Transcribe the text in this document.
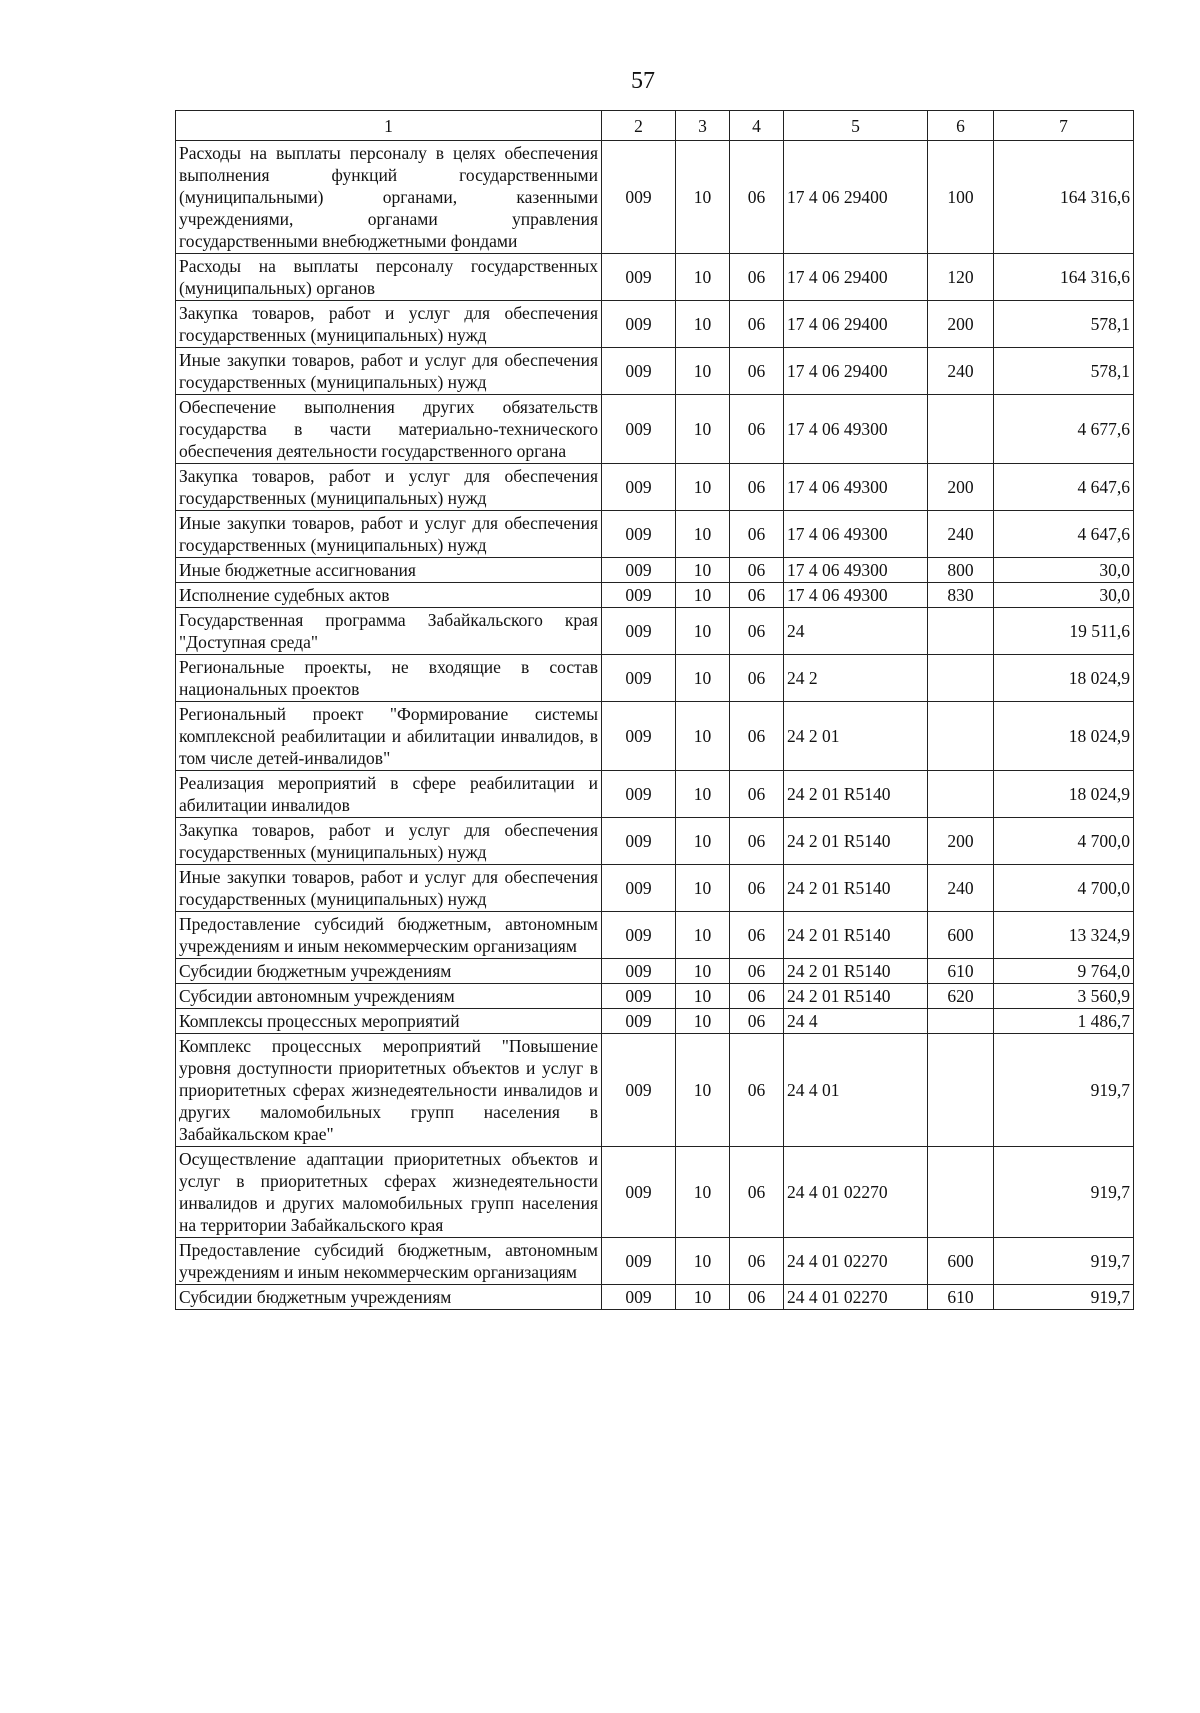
57
1	2	3	4	5	6	7
Расходы на выплаты персоналу в целях обеспечения выполнения функций государственными (муниципальными) органами, казенными учреждениями, органами управления государственными внебюджетными фондами	009	10	06	17 4 06 29400	100	164 316,6
Расходы на выплаты персоналу государственных (муниципальных) органов	009	10	06	17 4 06 29400	120	164 316,6
Закупка товаров, работ и услуг для обеспечения государственных (муниципальных) нужд	009	10	06	17 4 06 29400	200	578,1
Иные закупки товаров, работ и услуг для обеспечения государственных (муниципальных) нужд	009	10	06	17 4 06 29400	240	578,1
Обеспечение выполнения других обязательств государства в части материально-технического обеспечения деятельности государственного органа	009	10	06	17 4 06 49300		4 677,6
Закупка товаров, работ и услуг для обеспечения государственных (муниципальных) нужд	009	10	06	17 4 06 49300	200	4 647,6
Иные закупки товаров, работ и услуг для обеспечения государственных (муниципальных) нужд	009	10	06	17 4 06 49300	240	4 647,6
Иные бюджетные ассигнования	009	10	06	17 4 06 49300	800	30,0
Исполнение судебных актов	009	10	06	17 4 06 49300	830	30,0
Государственная программа Забайкальского края "Доступная среда"	009	10	06	24		19 511,6
Региональные проекты, не входящие в состав национальных проектов	009	10	06	24 2		18 024,9
Региональный проект "Формирование системы комплексной реабилитации и абилитации инвалидов, в том числе детей-инвалидов"	009	10	06	24 2 01		18 024,9
Реализация мероприятий в сфере реабилитации и абилитации инвалидов	009	10	06	24 2 01 R5140		18 024,9
Закупка товаров, работ и услуг для обеспечения государственных (муниципальных) нужд	009	10	06	24 2 01 R5140	200	4 700,0
Иные закупки товаров, работ и услуг для обеспечения государственных (муниципальных) нужд	009	10	06	24 2 01 R5140	240	4 700,0
Предоставление субсидий бюджетным, автономным учреждениям и иным некоммерческим организациям	009	10	06	24 2 01 R5140	600	13 324,9
Субсидии бюджетным учреждениям	009	10	06	24 2 01 R5140	610	9 764,0
Субсидии автономным учреждениям	009	10	06	24 2 01 R5140	620	3 560,9
Комплексы процессных мероприятий	009	10	06	24 4		1 486,7
Комплекс процессных мероприятий "Повышение уровня доступности приоритетных объектов и услуг в приоритетных сферах жизнедеятельности инвалидов и других маломобильных групп населения в Забайкальском крае"	009	10	06	24 4 01		919,7
Осуществление адаптации приоритетных объектов и услуг в приоритетных сферах жизнедеятельности инвалидов и других маломобильных групп населения на территории Забайкальского края	009	10	06	24 4 01 02270		919,7
Предоставление субсидий бюджетным, автономным учреждениям и иным некоммерческим организациям	009	10	06	24 4 01 02270	600	919,7
Субсидии бюджетным учреждениям	009	10	06	24 4 01 02270	610	919,7
